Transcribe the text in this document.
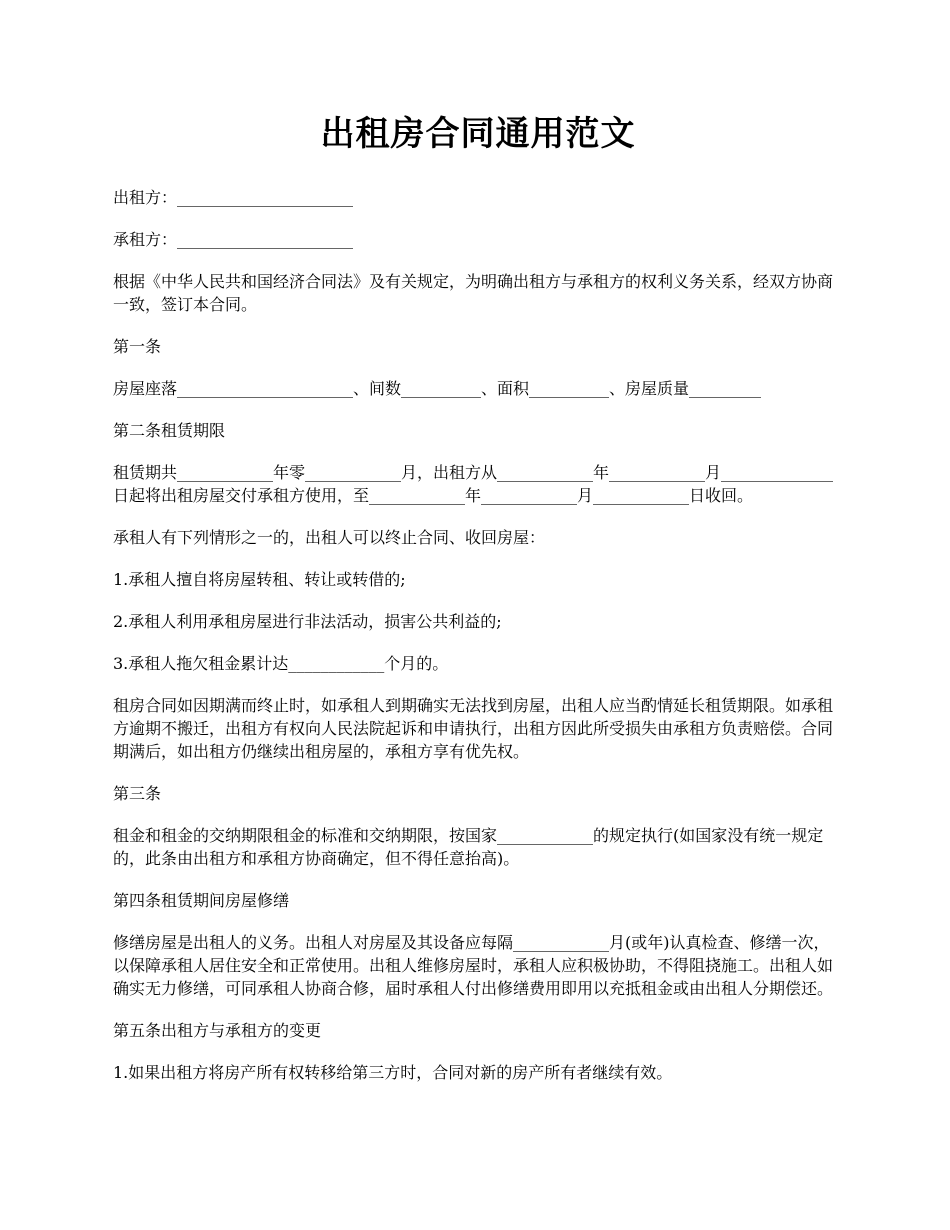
出租房合同通用范文

出租方：______________________

承租方：______________________

根据《中华人民共和国经济合同法》及有关规定，为明确出租方与承租方的权利义务关系，经双方协商一致，签订本合同。

第一条

房屋座落______________________、间数__________、面积__________、房屋质量_________

第二条租赁期限

租赁期共____________年零____________月，出租方从____________年____________月______________日起将出租房屋交付承租方使用，至____________年____________月____________日收回。

承租人有下列情形之一的，出租人可以终止合同、收回房屋：

1.承租人擅自将房屋转租、转让或转借的;

2.承租人利用承租房屋进行非法活动，损害公共利益的;

3.承租人拖欠租金累计达____________个月的。

租房合同如因期满而终止时，如承租人到期确实无法找到房屋，出租人应当酌情延长租赁期限。如承租方逾期不搬迁，出租方有权向人民法院起诉和申请执行，出租方因此所受损失由承租方负责赔偿。合同期满后，如出租方仍继续出租房屋的，承租方享有优先权。

第三条

租金和租金的交纳期限租金的标准和交纳期限，按国家____________的规定执行(如国家没有统一规定的，此条由出租方和承租方协商确定，但不得任意抬高)。

第四条租赁期间房屋修缮

修缮房屋是出租人的义务。出租人对房屋及其设备应每隔____________月(或年)认真检查、修缮一次，以保障承租人居住安全和正常使用。出租人维修房屋时，承租人应积极协助，不得阻挠施工。出租人如确实无力修缮，可同承租人协商合修，届时承租人付出修缮费用即用以充抵租金或由出租人分期偿还。

第五条出租方与承租方的变更

1.如果出租方将房产所有权转移给第三方时，合同对新的房产所有者继续有效。
